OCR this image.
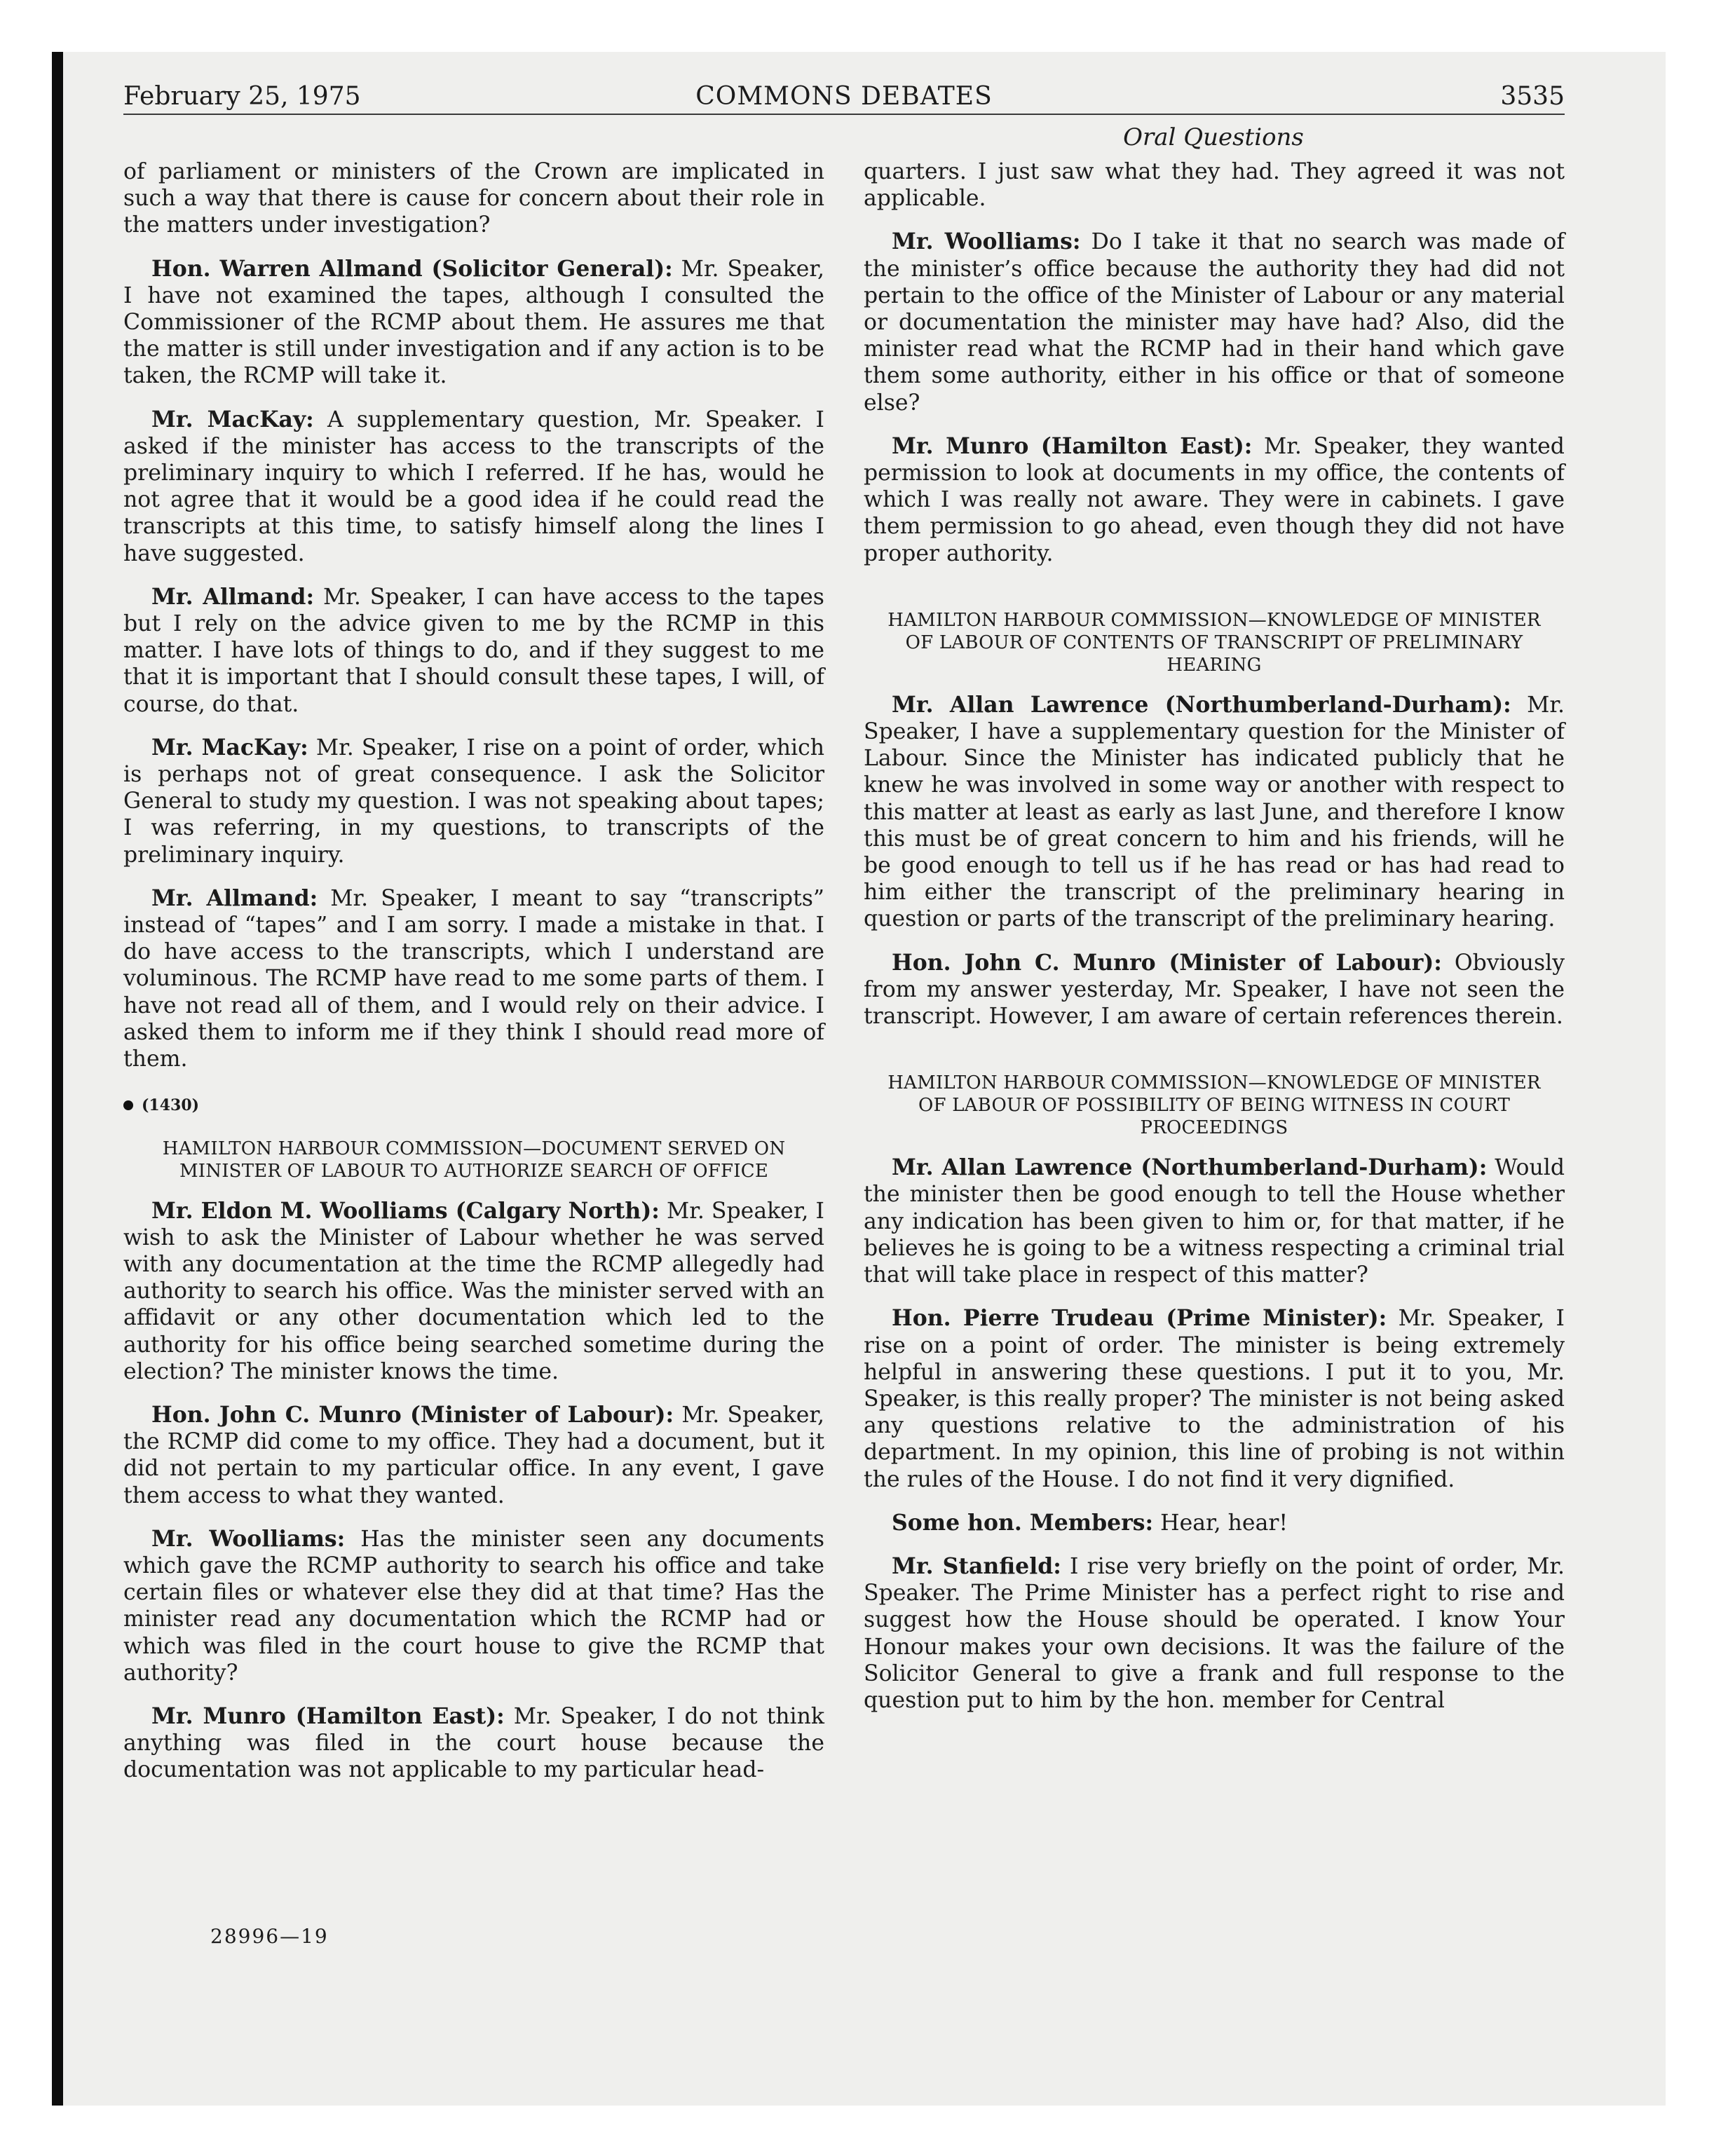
February 25, 1975	COMMONS DEBATES	3535
Oral Questions

of parliament or ministers of the Crown are implicated in such a way that there is cause for concern about their role in the matters under investigation?

Hon. Warren Allmand (Solicitor General): Mr. Speaker, I have not examined the tapes, although I consulted the Commissioner of the RCMP about them. He assures me that the matter is still under investigation and if any action is to be taken, the RCMP will take it.

Mr. MacKay: A supplementary question, Mr. Speaker. I asked if the minister has access to the transcripts of the preliminary inquiry to which I referred. If he has, would he not agree that it would be a good idea if he could read the transcripts at this time, to satisfy himself along the lines I have suggested.

Mr. Allmand: Mr. Speaker, I can have access to the tapes but I rely on the advice given to me by the RCMP in this matter. I have lots of things to do, and if they suggest to me that it is important that I should consult these tapes, I will, of course, do that.

Mr. MacKay: Mr. Speaker, I rise on a point of order, which is perhaps not of great consequence. I ask the Solicitor General to study my question. I was not speaking about tapes; I was referring, in my questions, to transcripts of the preliminary inquiry.

Mr. Allmand: Mr. Speaker, I meant to say “transcripts” instead of “tapes” and I am sorry. I made a mistake in that. I do have access to the transcripts, which I understand are voluminous. The RCMP have read to me some parts of them. I have not read all of them, and I would rely on their advice. I asked them to inform me if they think I should read more of them.

(1430)
HAMILTON HARBOUR COMMISSION—DOCUMENT SERVED ON MINISTER OF LABOUR TO AUTHORIZE SEARCH OF OFFICE

Mr. Eldon M. Woolliams (Calgary North): Mr. Speaker, I wish to ask the Minister of Labour whether he was served with any documentation at the time the RCMP allegedly had authority to search his office. Was the minister served with an affidavit or any other documentation which led to the authority for his office being searched sometime during the election? The minister knows the time.

Hon. John C. Munro (Minister of Labour): Mr. Speaker, the RCMP did come to my office. They had a document, but it did not pertain to my particular office. In any event, I gave them access to what they wanted.

Mr. Woolliams: Has the minister seen any documents which gave the RCMP authority to search his office and take certain files or whatever else they did at that time? Has the minister read any documentation which the RCMP had or which was filed in the court house to give the RCMP that authority?

Mr. Munro (Hamilton East): Mr. Speaker, I do not think anything was filed in the court house because the documentation was not applicable to my particular head-

quarters. I just saw what they had. They agreed it was not applicable.

Mr. Woolliams: Do I take it that no search was made of the minister’s office because the authority they had did not pertain to the office of the Minister of Labour or any material or documentation the minister may have had? Also, did the minister read what the RCMP had in their hand which gave them some authority, either in his office or that of someone else?

Mr. Munro (Hamilton East): Mr. Speaker, they wanted permission to look at documents in my office, the contents of which I was really not aware. They were in cabinets. I gave them permission to go ahead, even though they did not have proper authority.

HAMILTON HARBOUR COMMISSION—KNOWLEDGE OF MINISTER OF LABOUR OF CONTENTS OF TRANSCRIPT OF PRELIMINARY HEARING

Mr. Allan Lawrence (Northumberland-Durham): Mr. Speaker, I have a supplementary question for the Minister of Labour. Since the Minister has indicated publicly that he knew he was involved in some way or another with respect to this matter at least as early as last June, and therefore I know this must be of great concern to him and his friends, will he be good enough to tell us if he has read or has had read to him either the transcript of the preliminary hearing in question or parts of the transcript of the preliminary hearing.

Hon. John C. Munro (Minister of Labour): Obviously from my answer yesterday, Mr. Speaker, I have not seen the transcript. However, I am aware of certain references therein.

HAMILTON HARBOUR COMMISSION—KNOWLEDGE OF MINISTER OF LABOUR OF POSSIBILITY OF BEING WITNESS IN COURT PROCEEDINGS

Mr. Allan Lawrence (Northumberland-Durham): Would the minister then be good enough to tell the House whether any indication has been given to him or, for that matter, if he believes he is going to be a witness respecting a criminal trial that will take place in respect of this matter?

Hon. Pierre Trudeau (Prime Minister): Mr. Speaker, I rise on a point of order. The minister is being extremely helpful in answering these questions. I put it to you, Mr. Speaker, is this really proper? The minister is not being asked any questions relative to the administration of his department. In my opinion, this line of probing is not within the rules of the House. I do not find it very dignified.

Some hon. Members: Hear, hear!

Mr. Stanfield: I rise very briefly on the point of order, Mr. Speaker. The Prime Minister has a perfect right to rise and suggest how the House should be operated. I know Your Honour makes your own decisions. It was the failure of the Solicitor General to give a frank and full response to the question put to him by the hon. member for Central

28996—19
